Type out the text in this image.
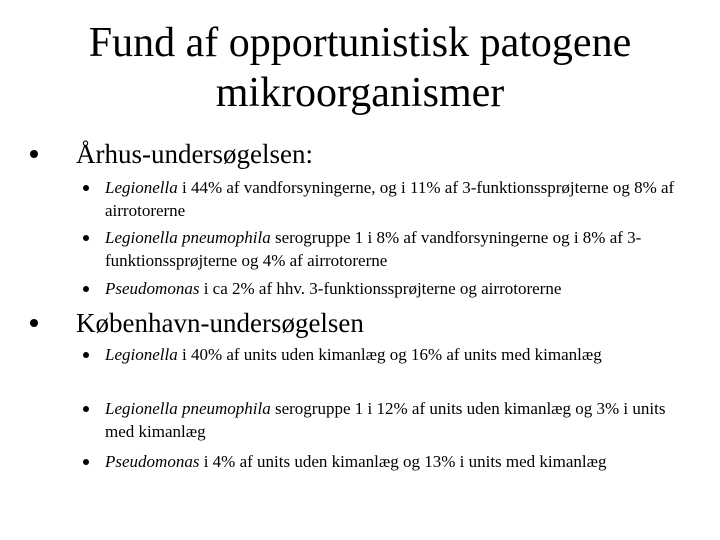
Fund af opportunistisk patogene
mikroorganismer
Århus-undersøgelsen:
Legionella i 44% af vandforsyningerne, og i 11% af 3-funktionssprøjterne og 8% af airrotorerne
Legionella pneumophila serogruppe 1 i 8% af vandforsyningerne og i 8% af 3-funktionssprøjterne og 4% af airrotorerne
Pseudomonas i ca 2% af hhv. 3-funktionssprøjterne og airrotorerne
København-undersøgelsen
Legionella i 40% af units uden kimanlæg og 16% af units med kimanlæg
Legionella pneumophila serogruppe 1 i 12% af units uden kimanlæg og 3% i units med kimanlæg
Pseudomonas i 4% af units uden kimanlæg og 13% i units med kimanlæg
